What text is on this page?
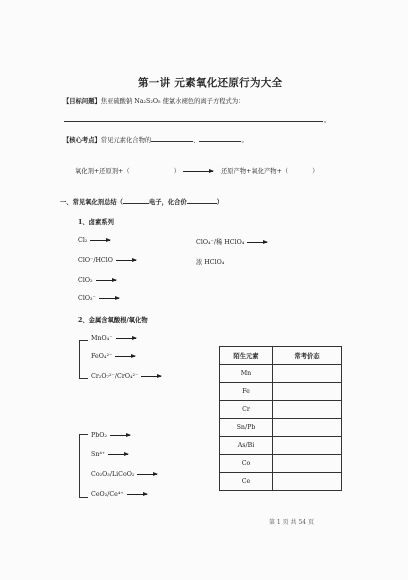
第一讲 元素氧化还原行为大全
【目标问题】焦亚硫酸钠 Na₂S₂O₅ 使氯水褪色的离子方程式为：
。
【核心考点】常见元素化合物的	、	。
氧化剂+还原剂+（	）	还原产物+氧化产物+（	）
一、常见氧化剂总结（	电子，化合价	）
1、卤素系列
Cl₂
ClO⁻/HClO
ClO₂
ClO₃⁻
ClO₄⁻/稀 HClO₄
浓 HClO₄
2、金属含氧酸根/氧化物
MnO₄⁻
FeO₄²⁻
Cr₂O₇²⁻/CrO₄²⁻
PbO₂
Sn⁴⁺
Co₂O₃/LiCoO₂
CeO₂/Ce⁴⁺
陌生元素	常考价态
Mn	
Fe	
Cr	
Sn/Pb	
As/Bi	
Co	
Ce	
第 1 页 共 54 页
